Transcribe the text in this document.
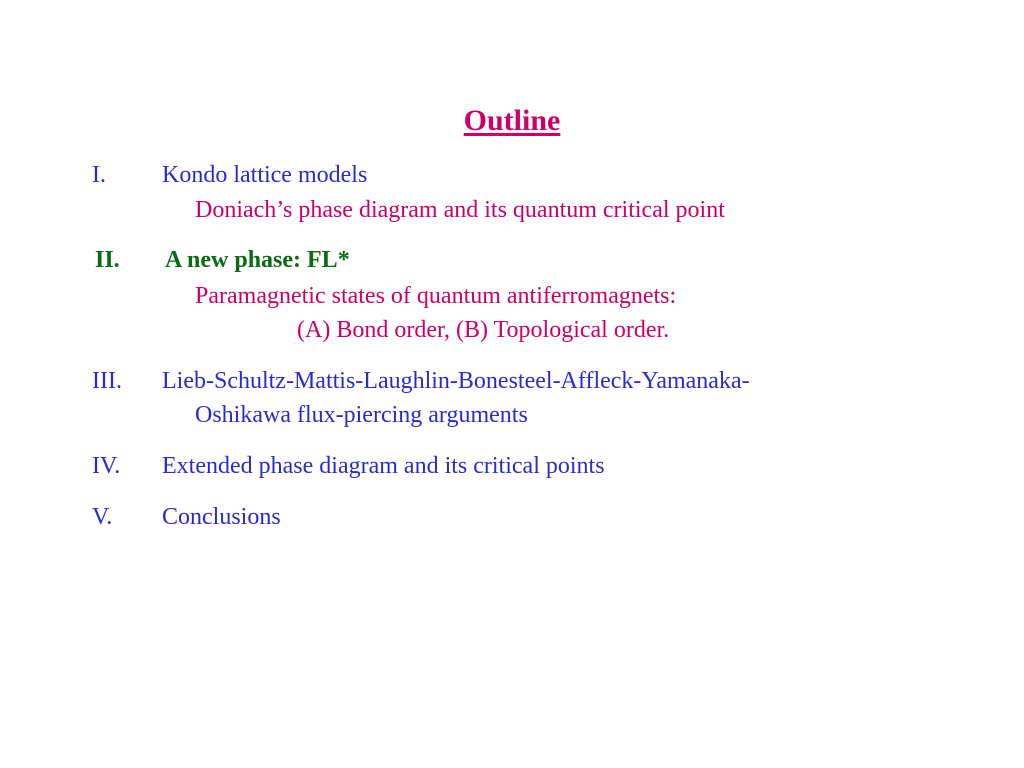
Outline
I. Kondo lattice models
Doniach’s phase diagram and its quantum critical point
II. A new phase: FL*
Paramagnetic states of quantum antiferromagnets:
(A) Bond order, (B) Topological order.
III. Lieb-Schultz-Mattis-Laughlin-Bonesteel-Affleck-Yamanaka-
Oshikawa flux-piercing arguments
IV. Extended phase diagram and its critical points
V. Conclusions
